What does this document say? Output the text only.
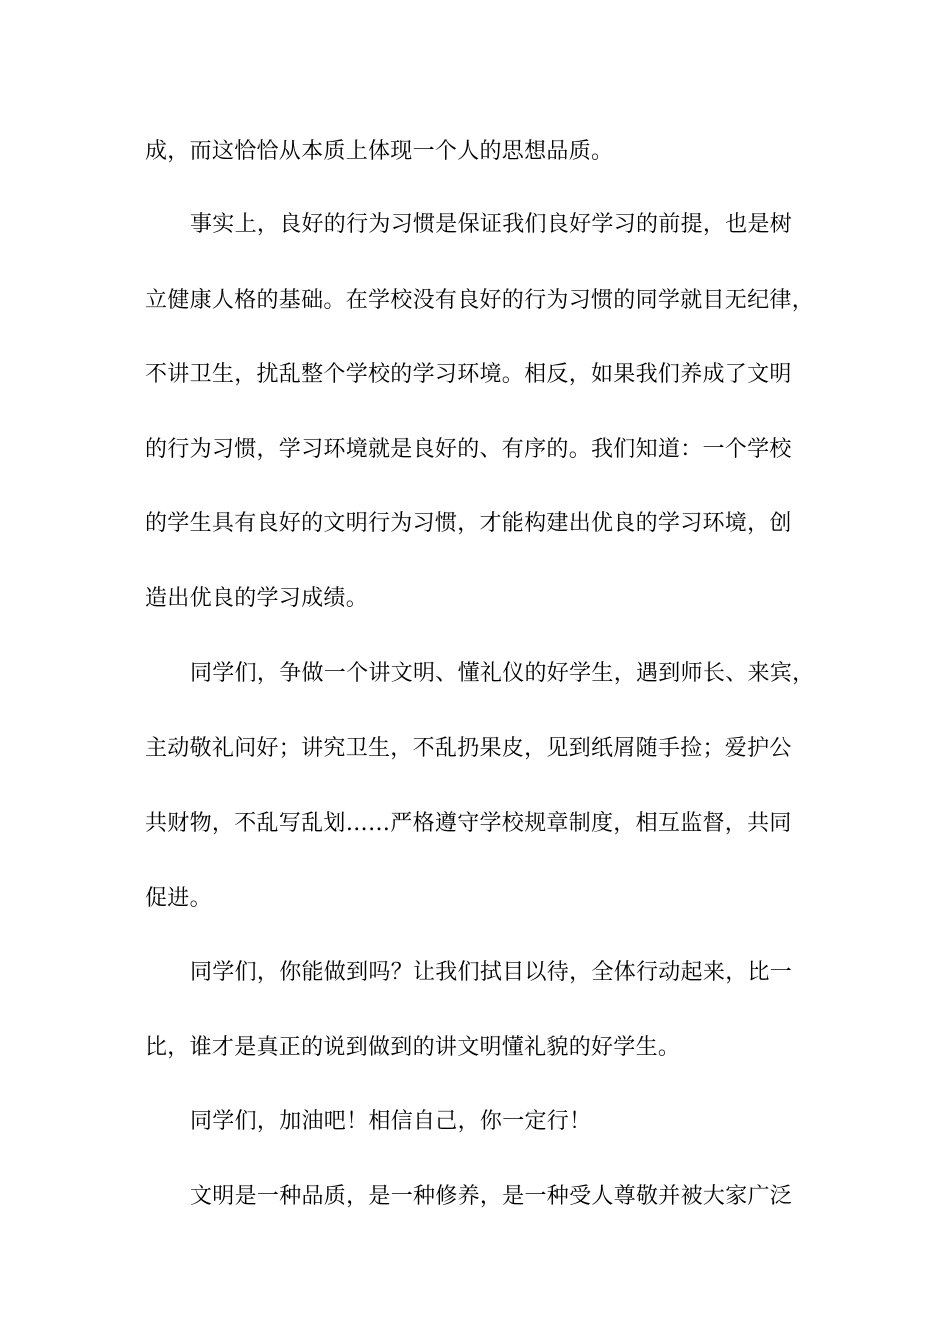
成，而这恰恰从本质上体现一个人的思想品质。
事实上，良好的行为习惯是保证我们良好学习的前提，也是树
立健康人格的基础。在学校没有良好的行为习惯的同学就目无纪律，
不讲卫生，扰乱整个学校的学习环境。相反，如果我们养成了文明
的行为习惯，学习环境就是良好的、有序的。我们知道：一个学校
的学生具有良好的文明行为习惯，才能构建出优良的学习环境，创
造出优良的学习成绩。
同学们，争做一个讲文明、懂礼仪的好学生，遇到师长、来宾，
主动敬礼问好；讲究卫生，不乱扔果皮，见到纸屑随手捡；爱护公
共财物，不乱写乱划……严格遵守学校规章制度，相互监督，共同
促进。
同学们，你能做到吗？让我们拭目以待，全体行动起来，比一
比，谁才是真正的说到做到的讲文明懂礼貌的好学生。
同学们，加油吧！相信自己，你一定行！
文明是一种品质，是一种修养，是一种受人尊敬并被大家广泛
